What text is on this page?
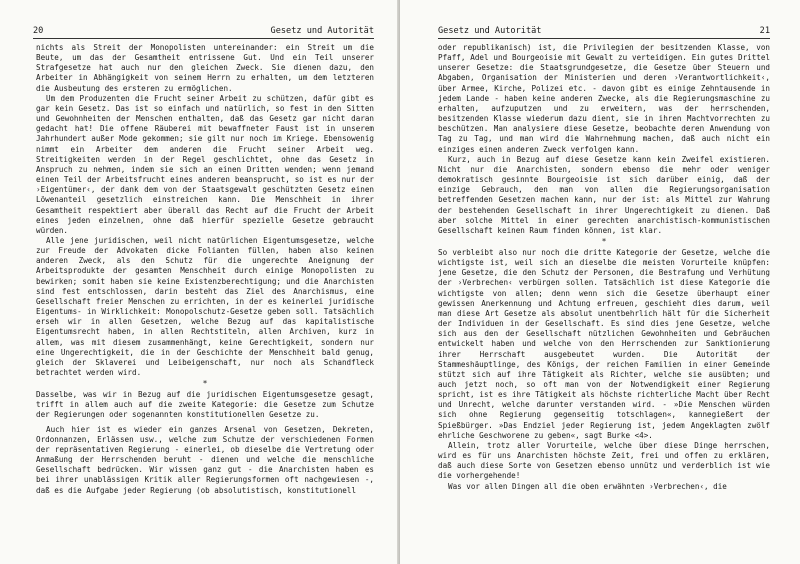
20	Gesetz und Autorität

nichts als Streit der Monopolisten untereinander: ein Streit um die Beute, um das der Gesamtheit entrissene Gut. Und ein Teil unserer Strafgesetze hat auch nur den gleichen Zweck. Sie dienen dazu, den Arbeiter in Abhängigkeit von seinem Herrn zu erhalten, um dem letzteren die Ausbeutung des ersteren zu ermöglichen.

Um dem Produzenten die Frucht seiner Arbeit zu schützen, dafür gibt es gar kein Gesetz. Das ist so einfach und natürlich, so fest in den Sitten und Gewohnheiten der Menschen enthalten, daß das Gesetz gar nicht daran gedacht hat! Die offene Räuberei mit bewaffneter Faust ist in unserem Jahrhundert außer Mode gekommen; sie gilt nur noch im Kriege. Ebensowenig nimmt ein Arbeiter dem anderen die Frucht seiner Arbeit weg. Streitigkeiten werden in der Regel geschlichtet, ohne das Gesetz in Anspruch zu nehmen, indem sie sich an einen Dritten wenden; wenn jemand einen Teil der Arbeitsfrucht eines anderen beansprucht, so ist es nur der ›Eigentümer‹, der dank dem von der Staatsgewalt geschützten Gesetz einen Löwenanteil gesetzlich einstreichen kann. Die Menschheit in ihrer Gesamtheit respektiert aber überall das Recht auf die Frucht der Arbeit eines jeden einzelnen, ohne daß hierfür spezielle Gesetze gebraucht würden.

Alle jene juridischen, weil nicht natürlichen Eigentumsgesetze, welche zur Freude der Advokaten dicke Folianten füllen, haben also keinen anderen Zweck, als den Schutz für die ungerechte Aneignung der Arbeitsprodukte der gesamten Menschheit durch einige Monopolisten zu bewirken; somit haben sie keine Existenzberechtigung; und die Anarchisten sind fest entschlossen, darin besteht das Ziel des Anarchismus, eine Gesellschaft freier Menschen zu errichten, in der es keinerlei juridische Eigentums- in Wirklichkeit: Monopolschutz-Gesetze geben soll. Tatsächlich erseh wir in allen Gesetzen, welche Bezug auf das kapitalistische Eigentumsrecht haben, in allen Rechtstiteln, allen Archiven, kurz in allem, was mit diesem zusammenhängt, keine Gerechtigkeit, sondern nur eine Ungerechtigkeit, die in der Geschichte der Menschheit bald genug, gleich der Sklaverei und Leibeigenschaft, nur noch als Schandfleck betrachtet werden wird.

*

Dasselbe, was wir in Bezug auf die juridischen Eigentumsgesetze gesagt, trifft in allem auch auf die zweite Kategorie: die Gesetze zum Schutze der Regierungen oder sogenannten konstitutionellen Gesetze zu.

Auch hier ist es wieder ein ganzes Arsenal von Gesetzen, Dekreten, Ordonnanzen, Erlässen usw., welche zum Schutze der verschiedenen Formen der repräsentativen Regierung - einerlei, ob dieselbe die Vertretung oder Anmaßung der Herrschenden beruht - dienen und welche die menschliche Gesellschaft bedrücken. Wir wissen ganz gut - die Anarchisten haben es bei ihrer unablässigen Kritik aller Regierungsformen oft nachgewiesen -, daß es die Aufgabe jeder Regierung (ob absolutistisch, konstitutionell

Gesetz und Autorität	21

oder republikanisch) ist, die Privilegien der besitzenden Klasse, von Pfaff, Adel und Bourgeoisie mit Gewalt zu verteidigen. Ein gutes Drittel unserer Gesetze: die Staatsgrundgesetze, die Gesetze über Steuern und Abgaben, Organisation der Ministerien und deren ›Verantwortlichkeit‹, über Armee, Kirche, Polizei etc. - davon gibt es einige Zehntausende in jedem Lande - haben keine anderen Zwecke, als die Regierungsmaschine zu erhalten, aufzuputzen und zu erweitern, was der herrschenden, besitzenden Klasse wiederum dazu dient, sie in ihren Machtvorrechten zu beschützen. Man analysiere diese Gesetze, beobachte deren Anwendung von Tag zu Tag, und man wird die Wahrnehmung machen, daß auch nicht ein einziges einen anderen Zweck verfolgen kann.

Kurz, auch in Bezug auf diese Gesetze kann kein Zweifel existieren. Nicht nur die Anarchisten, sondern ebenso die mehr oder weniger demokratisch gesinnte Bourgeoisie ist sich darüber einig, daß der einzige Gebrauch, den man von allen die Regierungsorganisation betreffenden Gesetzen machen kann, nur der ist: als Mittel zur Wahrung der bestehenden Gesellschaft in ihrer Ungerechtigkeit zu dienen. Daß aber solche Mittel in einer gerechten anarchistisch-kommunistischen Gesellschaft keinen Raum finden können, ist klar.

*

So verbleibt also nur noch die dritte Kategorie der Gesetze, welche die wichtigste ist, weil sich an dieselbe die meisten Vorurteile knüpfen: jene Gesetze, die den Schutz der Personen, die Bestrafung und Verhütung der ›Verbrechen‹ verbürgen sollen. Tatsächlich ist diese Kategorie die wichtigste von allen; denn wenn sich die Gesetze überhaupt einer gewissen Anerkennung und Achtung erfreuen, geschieht dies darum, weil man diese Art Gesetze als absolut unentbehrlich hält für die Sicherheit der Individuen in der Gesellschaft. Es sind dies jene Gesetze, welche sich aus den der Gesellschaft nützlichen Gewohnheiten und Gebräuchen entwickelt haben und welche von den Herrschenden zur Sanktionierung ihrer Herrschaft ausgebeutet wurden. Die Autorität der Stammeshäuptlinge, des Königs, der reichen Familien in einer Gemeinde stützt sich auf ihre Tätigkeit als Richter, welche sie ausübten; und auch jetzt noch, so oft man von der Notwendigkeit einer Regierung spricht, ist es ihre Tätigkeit als höchste richterliche Macht über Recht und Unrecht, welche darunter verstanden wird. - »Die Menschen würden sich ohne Regierung gegenseitig totschlagen«, kannegießert der Spießbürger. »Das Endziel jeder Regierung ist, jedem Angeklagten zwölf ehrliche Geschworene zu geben«, sagt Burke <4>.

Allein, trotz aller Vorurteile, welche über diese Dinge herrschen, wird es für uns Anarchisten höchste Zeit, frei und offen zu erklären, daß auch diese Sorte von Gesetzen ebenso unnütz und verderblich ist wie die vorhergehende!

Was vor allen Dingen all die oben erwähnten ›Verbrechen‹, die
